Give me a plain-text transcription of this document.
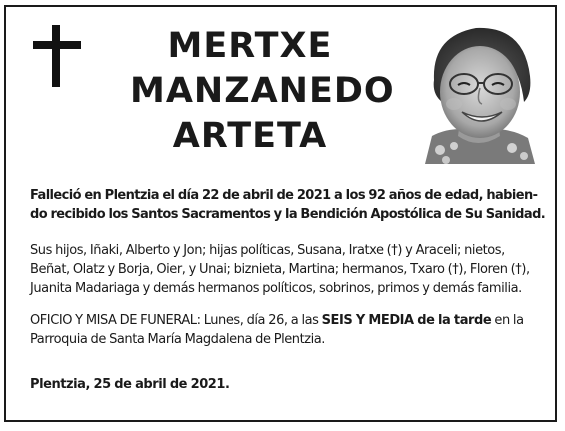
MERTXE
MANZANEDO
ARTETA
Falleció en Plentzia el día 22 de abril de 2021 a los 92 años de edad, habien-
do recibido los Santos Sacramentos y la Bendición Apostólica de Su Sanidad.
Sus hijos, Iñaki, Alberto y Jon; hijas políticas, Susana, Iratxe (†) y Araceli; nietos,
Beñat, Olatz y Borja, Oier, y Unai; biznieta, Martina; hermanos, Txaro (†), Floren (†),
Juanita Madariaga y demás hermanos políticos, sobrinos, primos y demás familia.
OFICIO Y MISA DE FUNERAL: Lunes, día 26, a las SEIS Y MEDIA de la tarde en la
Parroquia de Santa María Magdalena de Plentzia.
Plentzia, 25 de abril de 2021.
